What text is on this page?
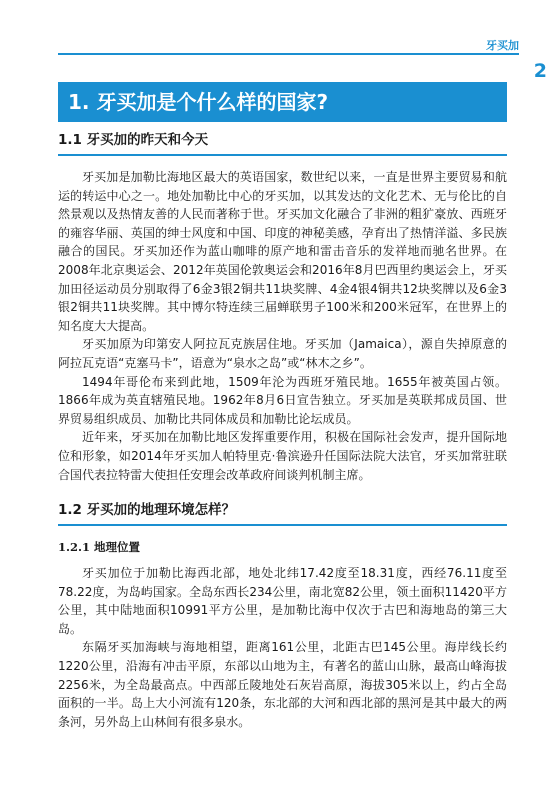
牙买加
2
1. 牙买加是个什么样的国家?
1.1 牙买加的昨天和今天

牙买加是加勒比海地区最大的英语国家，数世纪以来，一直是世界主要贸易和航运的转运中心之一。地处加勒比中心的牙买加，以其发达的文化艺术、无与伦比的自然景观以及热情友善的人民而著称于世。牙买加文化融合了非洲的粗犷豪放、西班牙的雍容华丽、英国的绅士风度和中国、印度的神秘美感，孕育出了热情洋溢、多民族融合的国民。牙买加还作为蓝山咖啡的原产地和雷击音乐的发祥地而驰名世界。在2008年北京奥运会、2012年英国伦敦奥运会和2016年8月巴西里约奥运会上，牙买加田径运动员分别取得了6金3银2铜共11块奖牌、4金4银4铜共12块奖牌以及6金3银2铜共11块奖牌。其中博尔特连续三届蝉联男子100米和200米冠军，在世界上的知名度大大提高。

牙买加原为印第安人阿拉瓦克族居住地。牙买加（Jamaica），源自失掉原意的阿拉瓦克语“克塞马卡”，语意为“泉水之岛”或“林木之乡”。

1494年哥伦布来到此地，1509年沦为西班牙殖民地。1655年被英国占领。1866年成为英直辖殖民地。1962年8月6日宣告独立。牙买加是英联邦成员国、世界贸易组织成员、加勒比共同体成员和加勒比论坛成员。

近年来，牙买加在加勒比地区发挥重要作用，积极在国际社会发声，提升国际地位和形象，如2014年牙买加人帕特里克·鲁滨逊升任国际法院大法官，牙买加常驻联合国代表拉特雷大使担任安理会改革政府间谈判机制主席。

1.2 牙买加的地理环境怎样？
1.2.1 地理位置

牙买加位于加勒比海西北部，地处北纬17.42度至18.31度，西经76.11度至78.22度，为岛屿国家。全岛东西长234公里，南北宽82公里，领土面积11420平方公里，其中陆地面积10991平方公里，是加勒比海中仅次于古巴和海地岛的第三大岛。

东隔牙买加海峡与海地相望，距离161公里，北距古巴145公里。海岸线长约1220公里，沿海有冲击平原，东部以山地为主，有著名的蓝山山脉，最高山峰海拔2256米，为全岛最高点。中西部丘陵地处石灰岩高原，海拔305米以上，约占全岛面积的一半。岛上大小河流有120条，东北部的大河和西北部的黑河是其中最大的两条河，另外岛上山林间有很多泉水。
